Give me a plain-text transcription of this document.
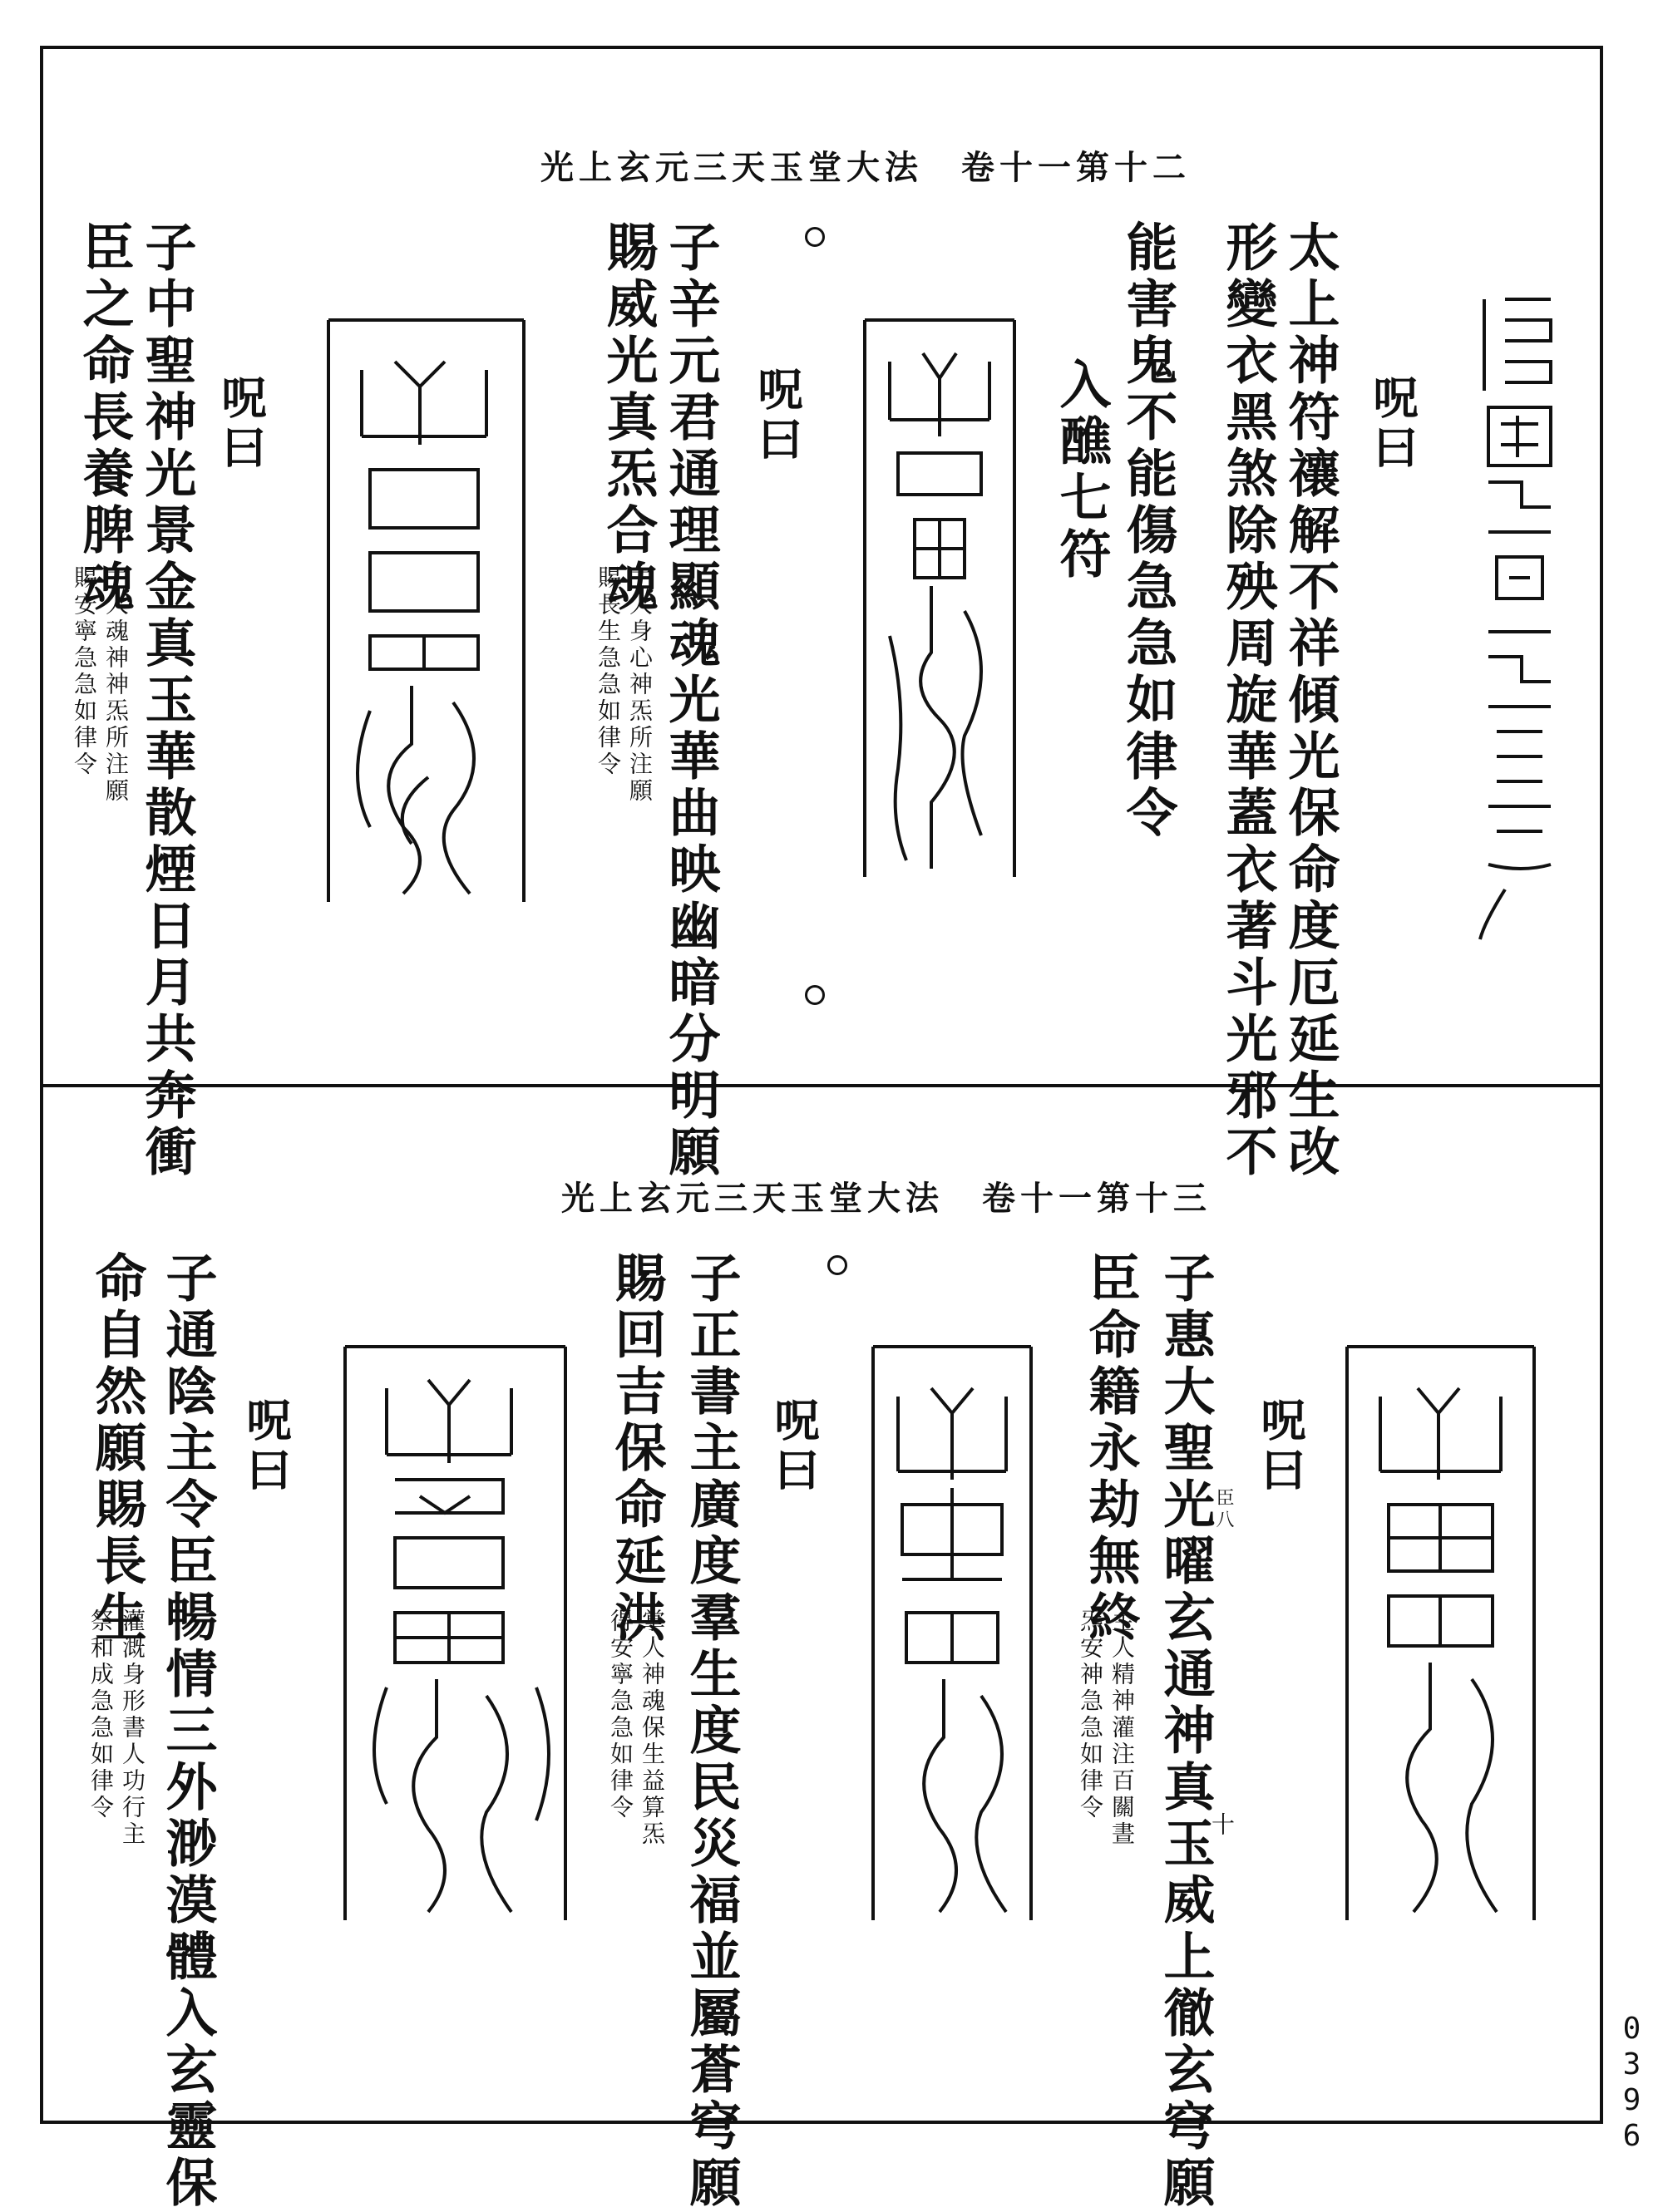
光上玄元三天玉堂大法　卷十一第十二
太上神符禳解不祥傾光保命度厄延生改
形變衣黑煞除殃周旋華蓋衣著斗光邪不
能害鬼不能傷急急如律令	呪曰
入醮七符
呪曰
子辛元君通理顯魂光華曲映幽暗分明願
賜威光真炁合魂
主人身心神炁所注願
賜長生急急如律令
呪曰
子中聖神光景金真玉華散煙日月共奔衝
臣之命長養脾魂
主人魂神神炁所注願
賜安寧急急如律令
光上玄元三天玉堂大法　卷十一第十三
呪曰
子惠大聖光曜玄通神真玉威上徹玄穹願
臣命籍永劫無終
主人精神灌注百關晝
炁安神急急如律令
臣八
十
呪曰
子正書主廣度羣生度民災福並屬蒼穹願
賜回吉保命延洪
掌人神魂保生益算炁
得安寧急急如律令
呪曰
子通陰主令臣暢情三外渺漠體入玄靈保
命自然願賜長生
灌溉身形書人功行主
祭和成急急如律令
0396
